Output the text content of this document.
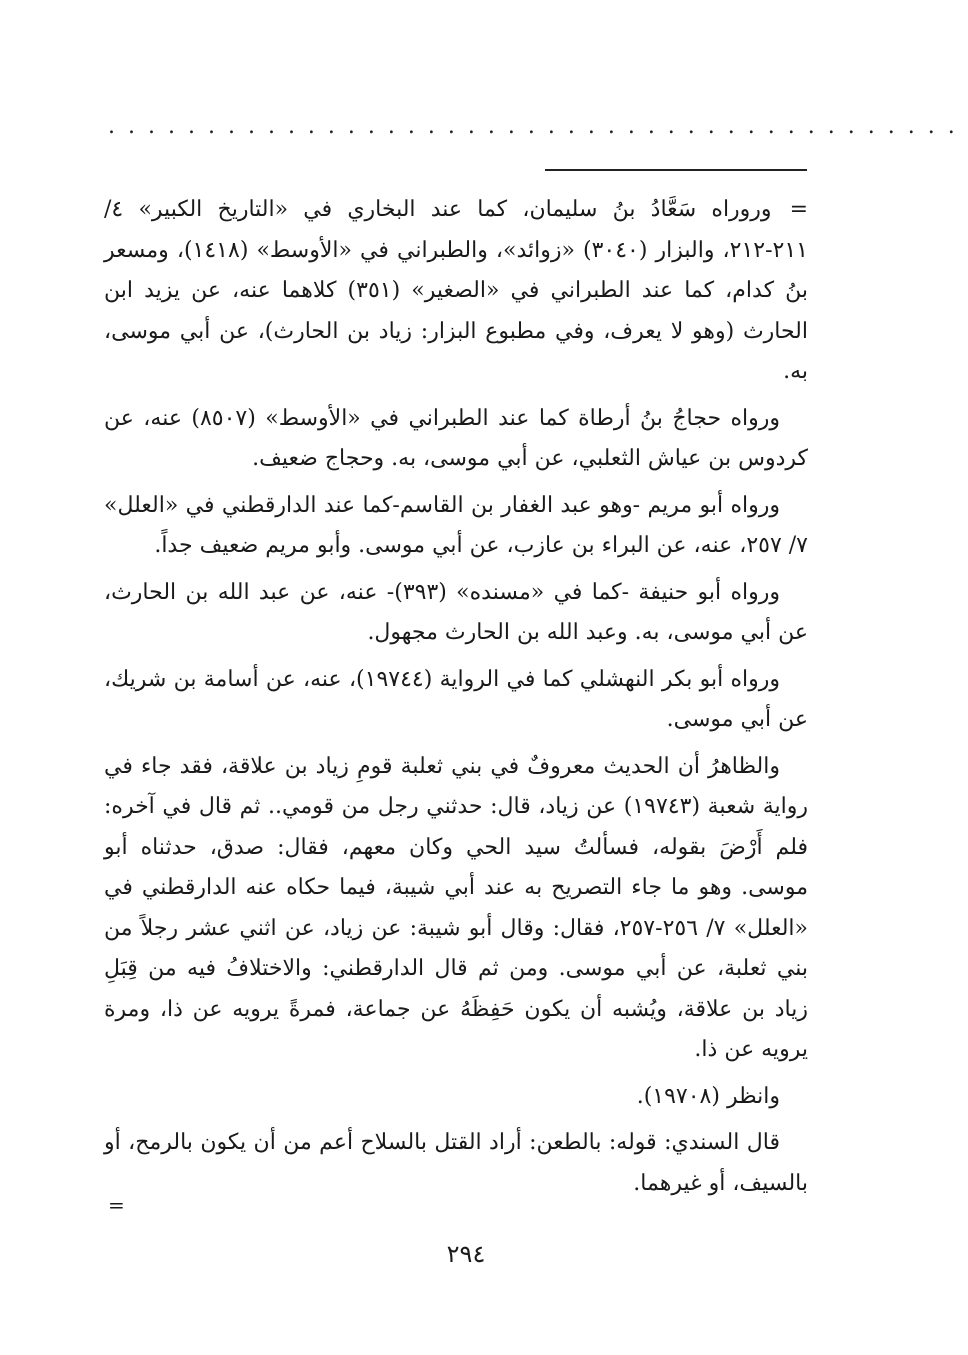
...........................................

=وروراه سَعَّادُ بنُ سليمان، كما عند البخاري في «التاريخ الكبير» ٤/ ٢١١-٢١٢، والبزار (٣٠٤٠) «زوائد»، والطبراني في «الأوسط» (١٤١٨)، ومسعر بنُ كدام، كما عند الطبراني في «الصغير» (٣٥١) كلاهما عنه، عن يزيد ابن الحارث (وهو لا يعرف، وفي مطبوع البزار: زياد بن الحارث)، عن أبي موسى، به.

ورواه حجاجُ بنُ أرطاة كما عند الطبراني في «الأوسط» (٨٥٠٧) عنه، عن كردوس بن عياش الثعلبي، عن أبي موسى، به. وحجاج ضعيف.

ورواه أبو مريم -وهو عبد الغفار بن القاسم-كما عند الدارقطني في «العلل» ٧/ ٢٥٧، عنه، عن البراء بن عازب، عن أبي موسى. وأبو مريم ضعيف جداً.

ورواه أبو حنيفة -كما في «مسنده» (٣٩٣)- عنه، عن عبد الله بن الحارث، عن أبي موسى، به. وعبد الله بن الحارث مجهول.

ورواه أبو بكر النهشلي كما في الرواية (١٩٧٤٤)، عنه، عن أسامة بن شريك، عن أبي موسى.

والظاهرُ أن الحديث معروفٌ في بني ثعلبة قومِ زياد بن علاقة، فقد جاء في رواية شعبة (١٩٧٤٣) عن زياد، قال: حدثني رجل من قومي.. ثم قال في آخره: فلم أَرْضَ بقوله، فسألتُ سيد الحي وكان معهم، فقال: صدق، حدثناه أبو موسى. وهو ما جاء التصريح به عند أبي شيبة، فيما حكاه عنه الدارقطني في «العلل» ٧/ ٢٥٦-٢٥٧، فقال: وقال أبو شيبة: عن زياد، عن اثني عشر رجلاً من بني ثعلبة، عن أبي موسى. ومن ثم قال الدارقطني: والاختلافُ فيه من قِبَلِ زياد بن علاقة، ويُشبه أن يكون حَفِظَهُ عن جماعة، فمرةً يرويه عن ذا، ومرة يرويه عن ذا.

وانظر (١٩٧٠٨).

قال السندي: قوله: بالطعن: أراد القتل بالسلاح أعم من أن يكون بالرمح، أو بالسيف، أو غيرهما.

=
٢٩٤
